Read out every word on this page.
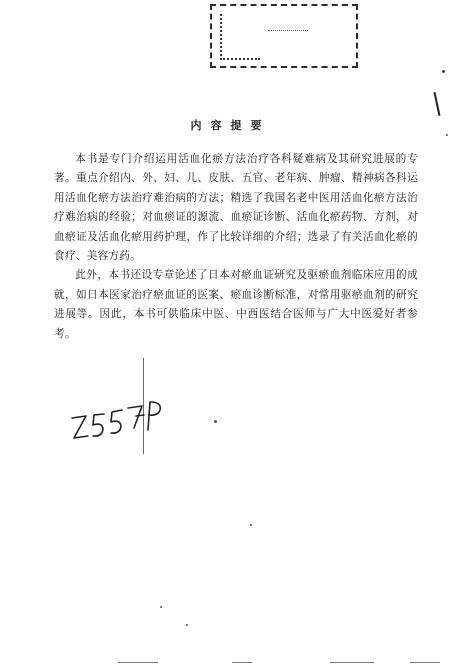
内容提要

本书是专门介绍运用活血化瘀方法治疗各科疑难病及其研究进展的专著。重点介绍内、外、妇、儿、皮肤、五官、老年病、肿瘤、精神病各科运用活血化瘀方法治疗难治病的方法；精选了我国名老中医用活血化瘀方法治疗难治病的经验；对血瘀证的源流、血瘀证诊断、活血化瘀药物、方剂，对血瘀证及活血化瘀用药护理，作了比较详细的介绍；选录了有关活血化瘀的食疗、美容方药。

此外，本书还设专章论述了日本对瘀血证研究及驱瘀血剂临床应用的成就，如日本医家治疗瘀血证的医案、瘀血诊断标准，对常用驱瘀血剂的研究进展等。因此，本书可供临床中医、中西医结合医师与广大中医爱好者参考。
